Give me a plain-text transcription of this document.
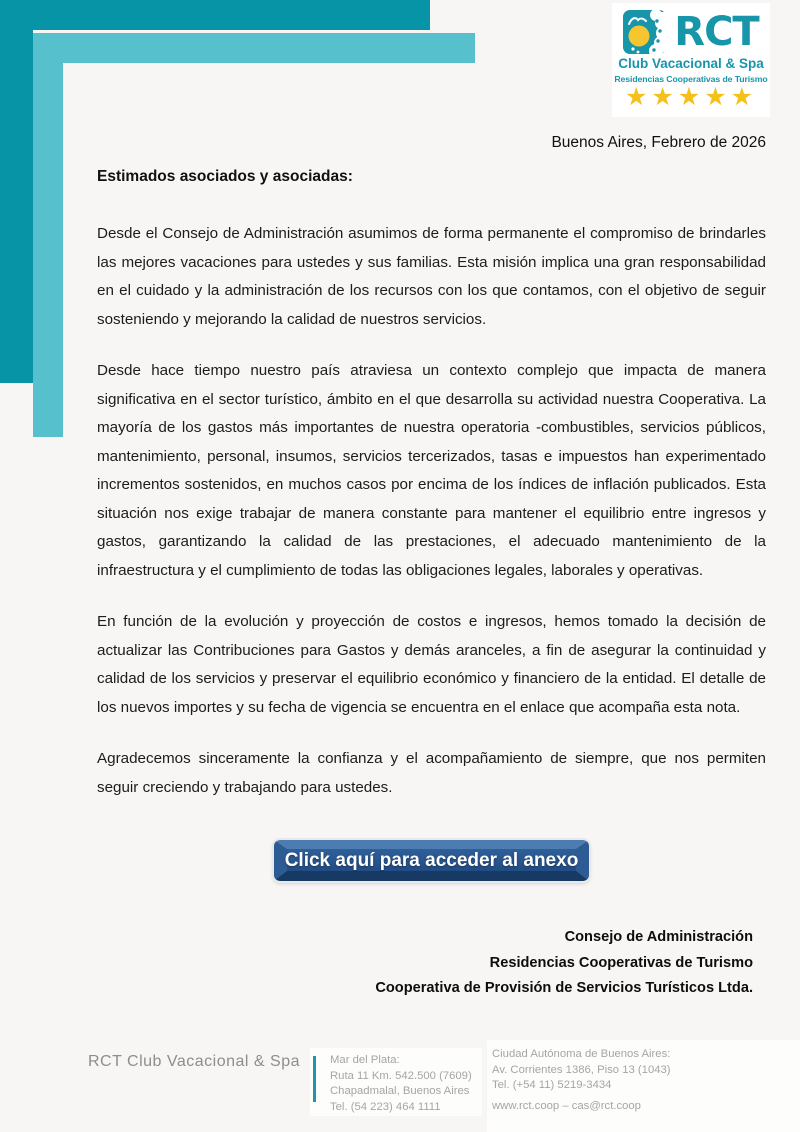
RCT
Club Vacacional & Spa
Residencias Cooperativas de Turismo
★★★★★
Buenos Aires, Febrero de 2026
Estimados asociados y asociadas:

Desde el Consejo de Administración asumimos de forma permanente el compromiso de brindarles las mejores vacaciones para ustedes y sus familias. Esta misión implica una gran responsabilidad en el cuidado y la administración de los recursos con los que contamos, con el objetivo de seguir sosteniendo y mejorando la calidad de nuestros servicios.

Desde hace tiempo nuestro país atraviesa un contexto complejo que impacta de manera significativa en el sector turístico, ámbito en el que desarrolla su actividad nuestra Cooperativa. La mayoría de los gastos más importantes de nuestra operatoria -combustibles, servicios públicos, mantenimiento, personal, insumos, servicios tercerizados, tasas e impuestos han experimentado incrementos sostenidos, en muchos casos por encima de los índices de inflación publicados. Esta situación nos exige trabajar de manera constante para mantener el equilibrio entre ingresos y gastos, garantizando la calidad de las prestaciones, el adecuado mantenimiento de la infraestructura y el cumplimiento de todas las obligaciones legales, laborales y operativas.

En función de la evolución y proyección de costos e ingresos, hemos tomado la decisión de actualizar las Contribuciones para Gastos y demás aranceles, a fin de asegurar la continuidad y calidad de los servicios y preservar el equilibrio económico y financiero de la entidad. El detalle de los nuevos importes y su fecha de vigencia se encuentra en el enlace que acompaña esta nota.

Agradecemos sinceramente la confianza y el acompañamiento de siempre, que nos permiten seguir creciendo y trabajando para ustedes.

Click aquí para acceder al anexo
Consejo de Administración
Residencias Cooperativas de Turismo
Cooperativa de Provisión de Servicios Turísticos Ltda.
RCT Club Vacacional & Spa	Mar del Plata:
Ruta 11 Km. 542.500 (7609)
Chapadmalal, Buenos Aires
Tel. (54 223) 464 1111
Ciudad Autónoma de Buenos Aires:
Av. Corrientes 1386, Piso 13 (1043)
Tel. (+54 11) 5219-3434
www.rct.coop – cas@rct.coop
